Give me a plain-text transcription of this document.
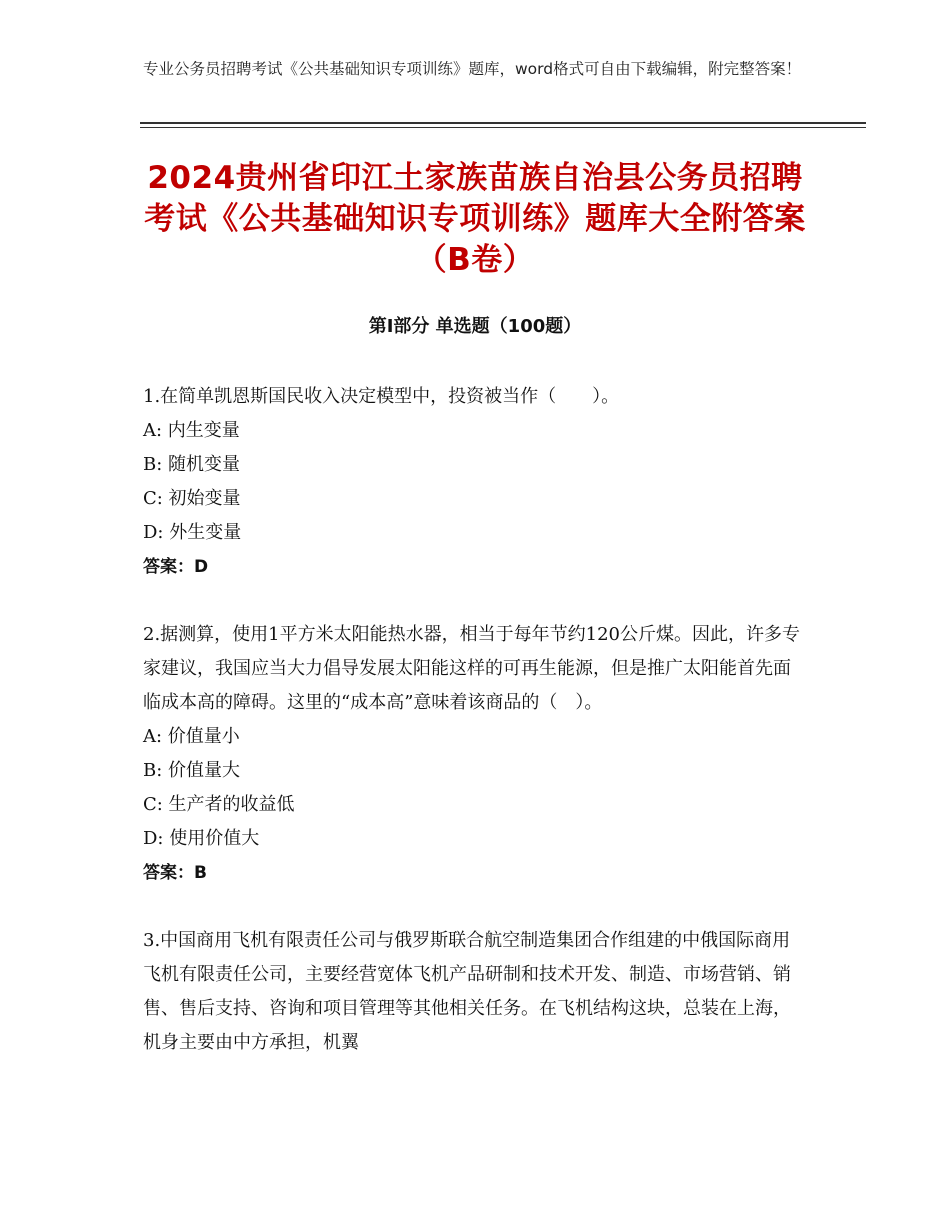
专业公务员招聘考试《公共基础知识专项训练》题库，word格式可自由下载编辑，附完整答案！
2024贵州省印江土家族苗族自治县公务员招聘考试《公共基础知识专项训练》题库大全附答案（B卷）
第Ⅰ部分 单选题（100题）
1.在简单凯恩斯国民收入决定模型中，投资被当作（　　）。
A: 内生变量
B: 随机变量
C: 初始变量
D: 外生变量
答案：D
2.据测算，使用1平方米太阳能热水器，相当于每年节约120公斤煤。因此，许多专家建议，我国应当大力倡导发展太阳能这样的可再生能源，但是推广太阳能首先面临成本高的障碍。这里的“成本高”意味着该商品的（　）。
A: 价值量小
B: 价值量大
C: 生产者的收益低
D: 使用价值大
答案：B
3.中国商用飞机有限责任公司与俄罗斯联合航空制造集团合作组建的中俄国际商用飞机有限责任公司，主要经营宽体飞机产品研制和技术开发、制造、市场营销、销售、售后支持、咨询和项目管理等其他相关任务。在飞机结构这块，总装在上海，机身主要由中方承担，机翼
